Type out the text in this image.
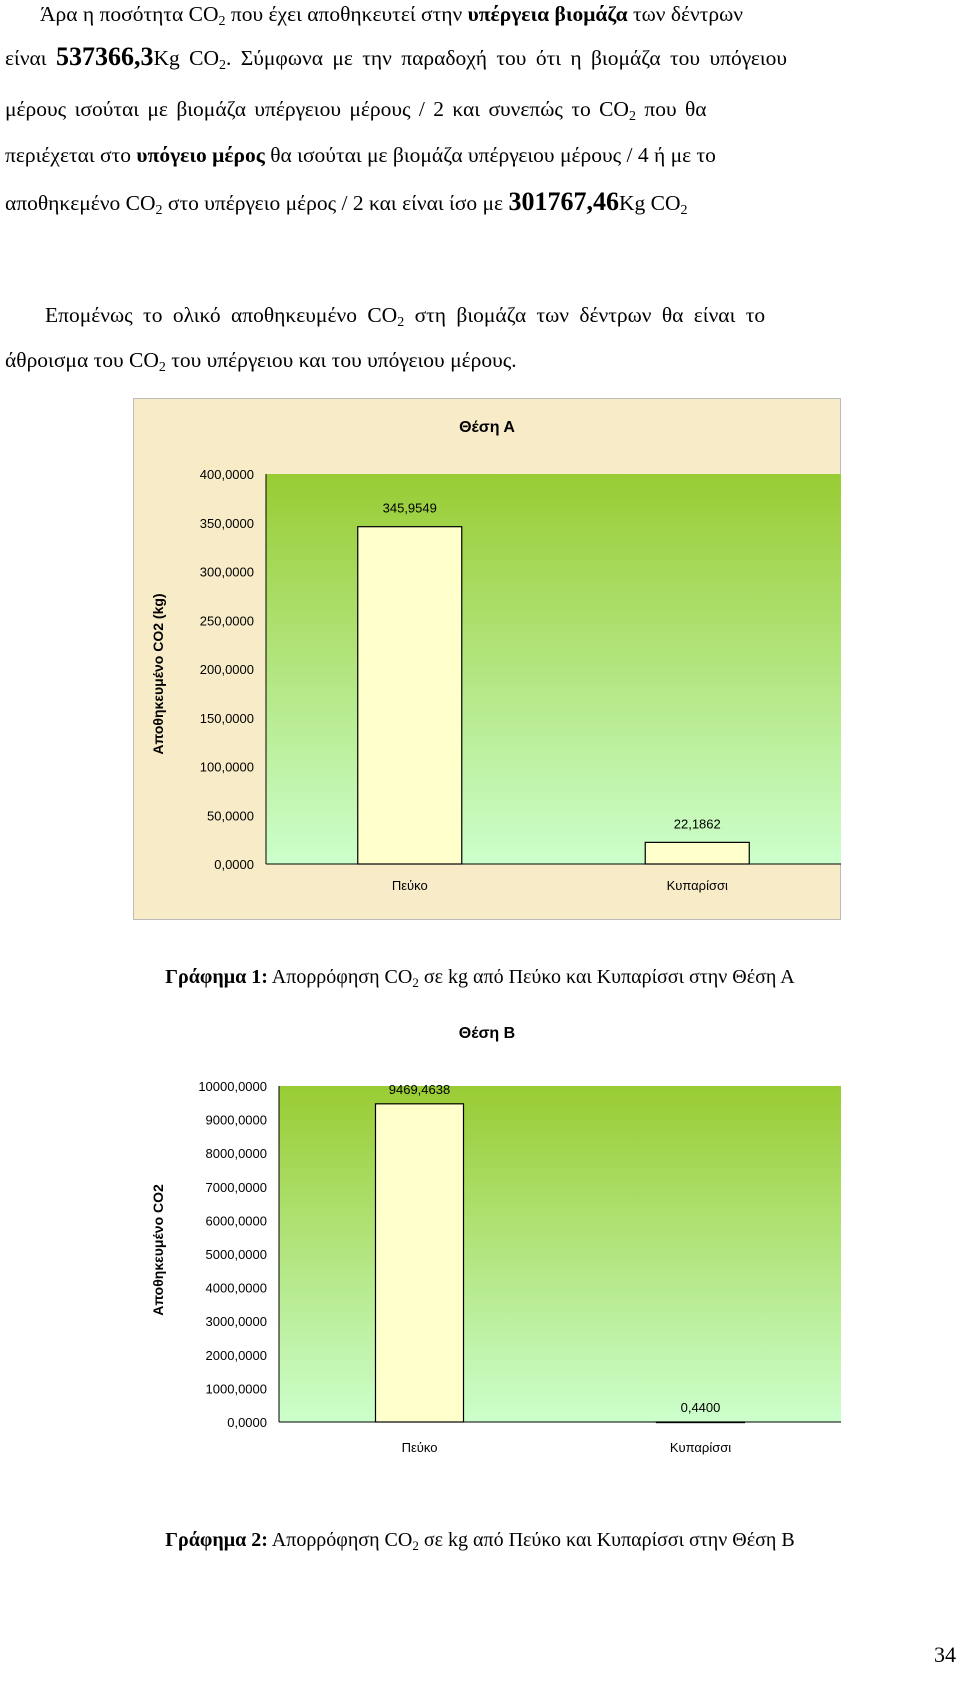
Άρα η ποσότητα $CO_2$ που έχει αποθηκευτεί στην υπέργεια βιομάζα των δέντρων
είναι 537366,3Kg $CO_2$. Σύμφωνα με την παραδοχή του ότι η βιομάζα του υπόγειου
μέρους ισούται με βιομάζα υπέργειου μέρους / 2 και συνεπώς το $CO_2$ που θα
περιέχεται στο υπόγειο μέρος θα ισούται με βιομάζα υπέργειου μέρους / 4 ή με το
αποθηκεμένο $CO_2$ στο υπέργειο μέρος / 2 και είναι ίσο με 301767,46Kg $CO_2$
Επομένως το ολικό αποθηκευμένο $CO_2$ στη βιομάζα των δέντρων θα είναι το
άθροισμα του $CO_2$ του υπέργειου και του υπόγειου μέρους.
Θέση Α
Αποθηκευμένο CO2 (kg)
0,0000
50,0000
100,0000
150,0000
200,0000
250,0000
300,0000
350,0000
400,0000
345,9549
Πεύκο
22,1862
Κυπαρίσσι
Γράφημα 1: Απορρόφηση $CO_2$ σε kg από Πεύκο και Κυπαρίσσι στην Θέση Α
Θέση Β
Αποθηκευμένο CO2
0,0000
1000,0000
2000,0000
3000,0000
4000,0000
5000,0000
6000,0000
7000,0000
8000,0000
9000,0000
10000,0000	9469,4638
Πεύκο
0,4400
Κυπαρίσσι
Γράφημα 2: Απορρόφηση $CO_2$ σε kg από Πεύκο και Κυπαρίσσι στην Θέση Β
34
